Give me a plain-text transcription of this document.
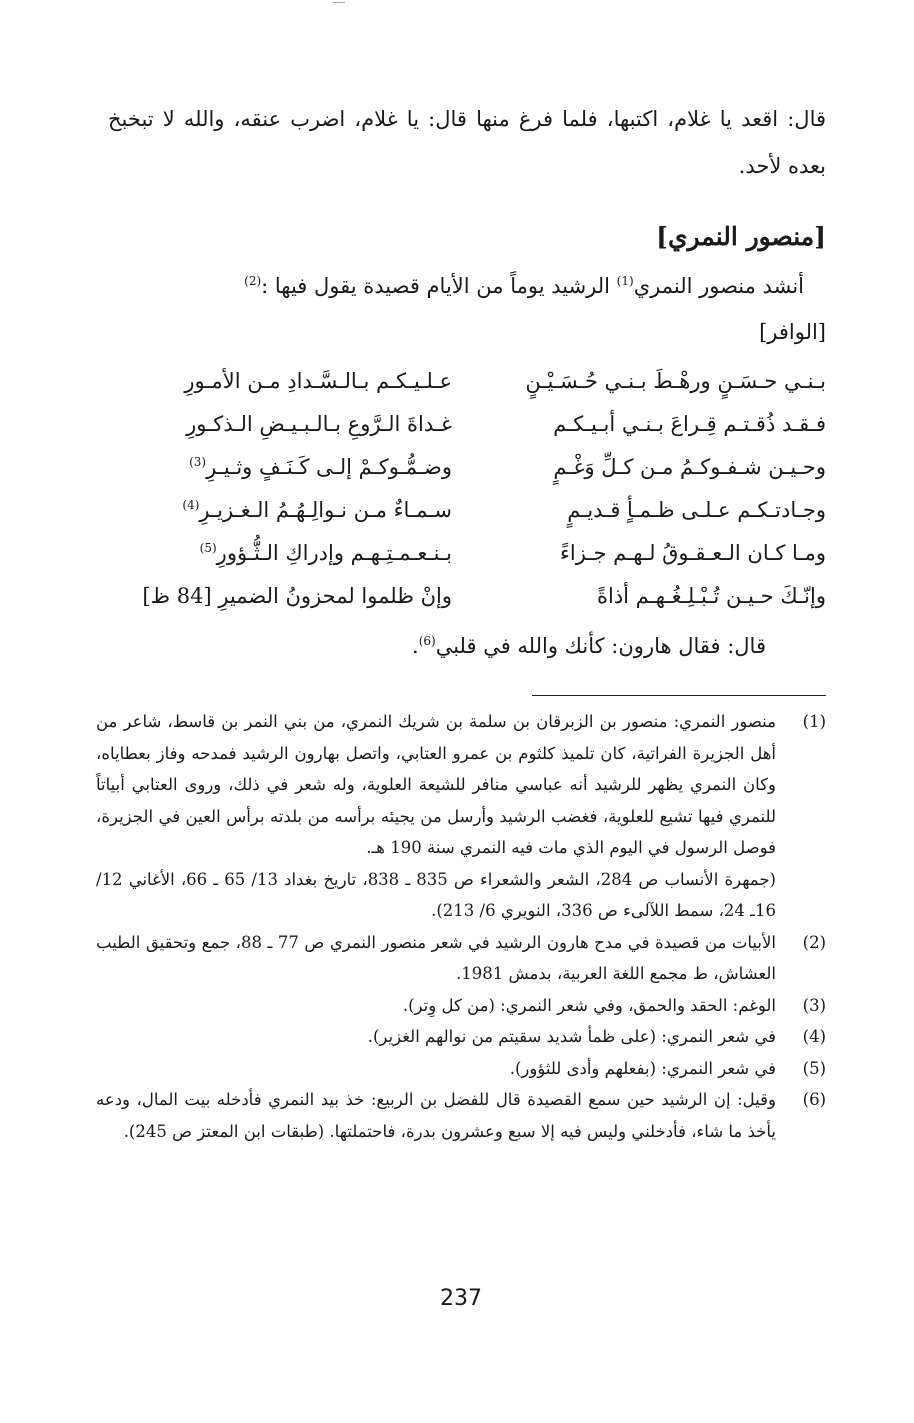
قال: اقعد يا غلام، اكتبها، فلما فرغ منها قال: يا غلام، اضرب عنقه، والله لا تبخبخ بعده لأحد.

[منصور النمري]
أنشد منصور النمري$^{(1)}$ الرشيد يوماً من الأيام قصيدة يقول فيها :$^{(2)}$
[الوافر]
بـنـي حـسَـنٍ ورهْـطَ بـنـي حُـسَـيْـنٍ
عـلـيـكـم بـالـسَّـدادِ مـن الأمـورِ
فـقـد ذُقـتـم قِـراعَ بـنـي أبـيـكـم
غـداةَ الـرَّوعِ بـالـبـيـضِ الـذكـورِ
وحـيـن شـفـوكـمُ مـن كـلِّ وَغْـمٍ
وضـمُّـوكـمْ إلـى كَـنَـفٍ وثـيـرِ$^{(3)}$
وجـادتـكـم عـلـى ظـمـأٍ قـديـمٍ
سـمـاءٌ مـن نـوالِـهُـمُ الـغـزيـرِ$^{(4)}$
ومـا كـان الـعـقـوقُ لـهـم جـزاءً
بـنـعـمـتِـهـم وإدراكِ الـثُّـؤورِ$^{(5)}$
وإنّـكَ حـيـن تُـبْـلِـغُـهـم أذاةً
وإنْ ظلموا لمحزونُ الضميرِ [84 ظ]

قال: فقال هارون: كأنك والله في قلبي$^{(6)}$.

(1)
منصور النمري: منصور بن الزبرقان بن سلمة بن شريك النمري، من بني النمر بن قاسط، شاعر من أهل الجزيرة الفراتية، كان تلميذ كلثوم بن عمرو العتابي، واتصل بهارون الرشيد فمدحه وفاز بعطاياه، وكان النمري يظهر للرشيد أنه عباسي منافر للشيعة العلوية، وله شعر في ذلك، وروى العتابي أبياتاً للنمري فيها تشيع للعلوية، فغضب الرشيد وأرسل من يجيئه برأسه من بلدته برأس العين في الجزيرة، فوصل الرسول في اليوم الذي مات فيه النمري سنة 190 هـ.
(جمهرة الأنساب ص 284، الشعر والشعراء ص 835 ـ 838، تاريخ بغداد 13/ 65 ـ 66، الأغاني 12/ 16ـ 24، سمط اللآلىء ص 336، النويري 6/ 213).
(2)
الأبيات من قصيدة في مدح هارون الرشيد في شعر منصور النمري ص 77 ـ 88، جمع وتحقيق الطيب العشاش، ط مجمع اللغة العربية، بدمش 1981.
(3)
الوغم: الحقد والحمق، وفي شعر النمري: (من كل وِتر).
(4)
في شعر النمري: (على ظمأ شديد سقيتم من نوالهم الغزير).
(5)
في شعر النمري: (بفعلهم وأدى للثؤور).
(6)
وقيل: إن الرشيد حين سمع القصيدة قال للفضل بن الربيع: خذ بيد النمري فأدخله بيت المال، ودعه يأخذ ما شاء، فأدخلني وليس فيه إلا سبع وعشرون بدرة، فاحتملتها. (طبقات ابن المعتز ص 245).
237
